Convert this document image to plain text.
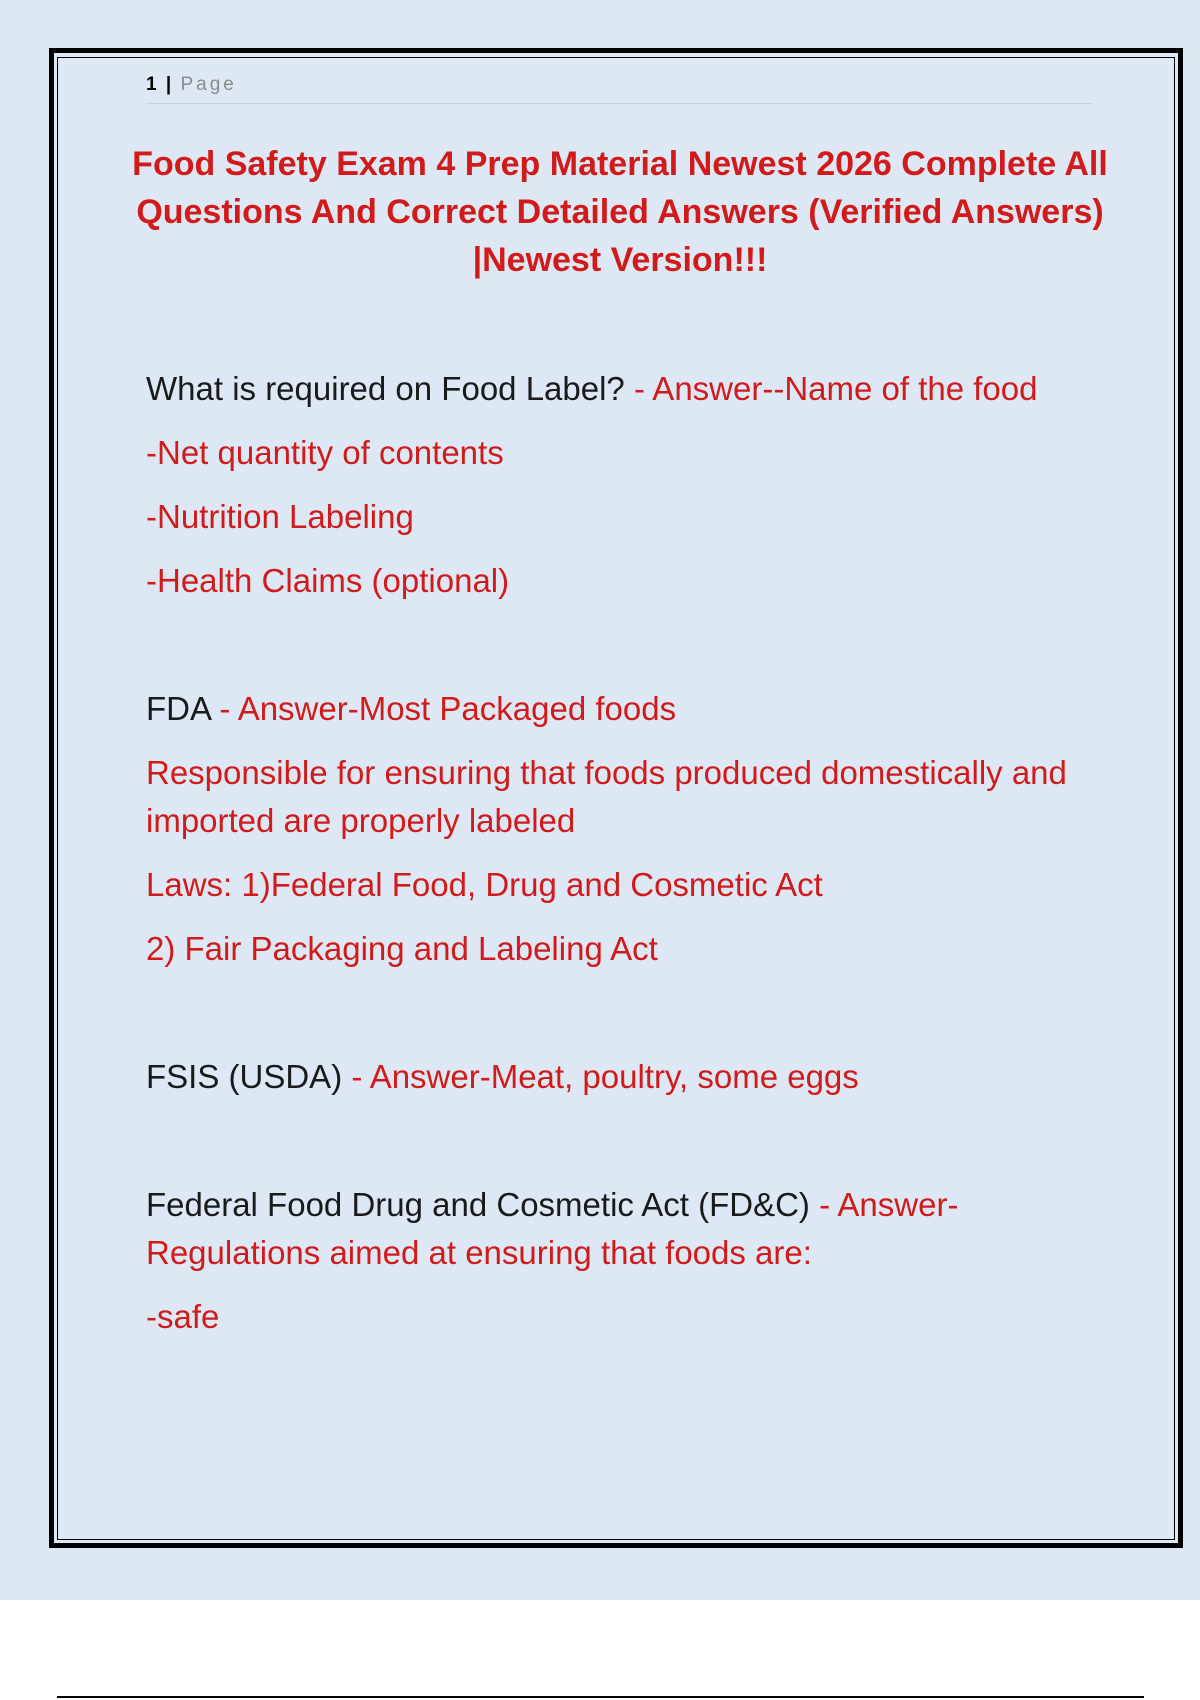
1 | Page
Food Safety Exam 4 Prep Material Newest 2026 Complete All Questions And Correct Detailed Answers (Verified Answers) |Newest Version!!!

What is required on Food Label? - Answer--Name of the food

-Net quantity of contents

-Nutrition Labeling

-Health Claims (optional)

FDA - Answer-Most Packaged foods

Responsible for ensuring that foods produced domestically and imported are properly labeled

Laws: 1)Federal Food, Drug and Cosmetic Act

2) Fair Packaging and Labeling Act

FSIS (USDA) - Answer-Meat, poultry, some eggs

Federal Food Drug and Cosmetic Act (FD&C) - Answer-Regulations aimed at ensuring that foods are:

-safe
